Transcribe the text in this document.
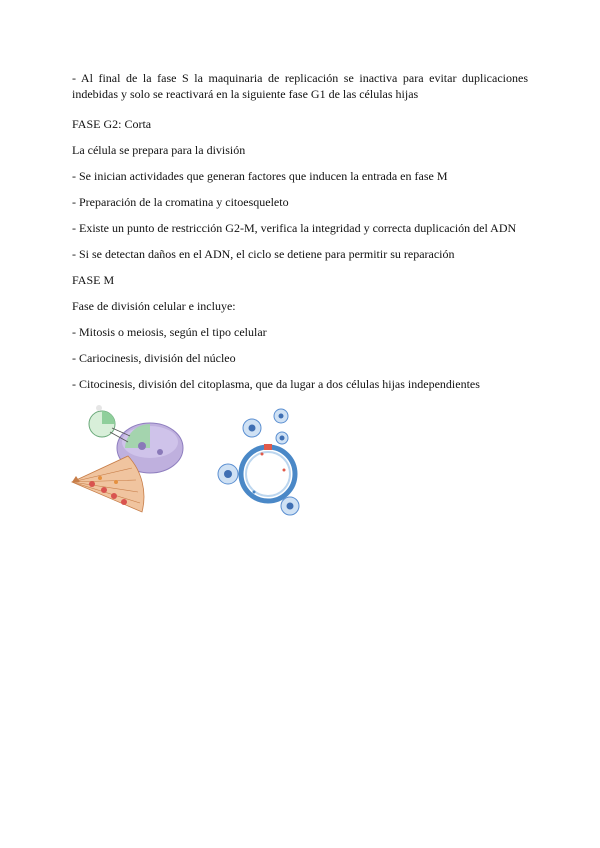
- Al final de la fase S la maquinaria de replicación se inactiva para evitar duplicaciones indebidas y solo se reactivará en la siguiente fase G1 de las células hijas

FASE G2: Corta

La célula se prepara para la división

- Se inician actividades que generan factores que inducen la entrada en fase M

- Preparación de la cromatina y citoesqueleto

- Existe un punto de restricción G2-M, verifica la integridad y correcta duplicación del ADN

- Si se detectan daños en el ADN, el ciclo se detiene para permitir su reparación

FASE M

Fase de división celular e incluye:

- Mitosis o meiosis, según el tipo celular

- Cariocinesis, división del núcleo

- Citocinesis, división del citoplasma, que da lugar a dos células hijas independientes
